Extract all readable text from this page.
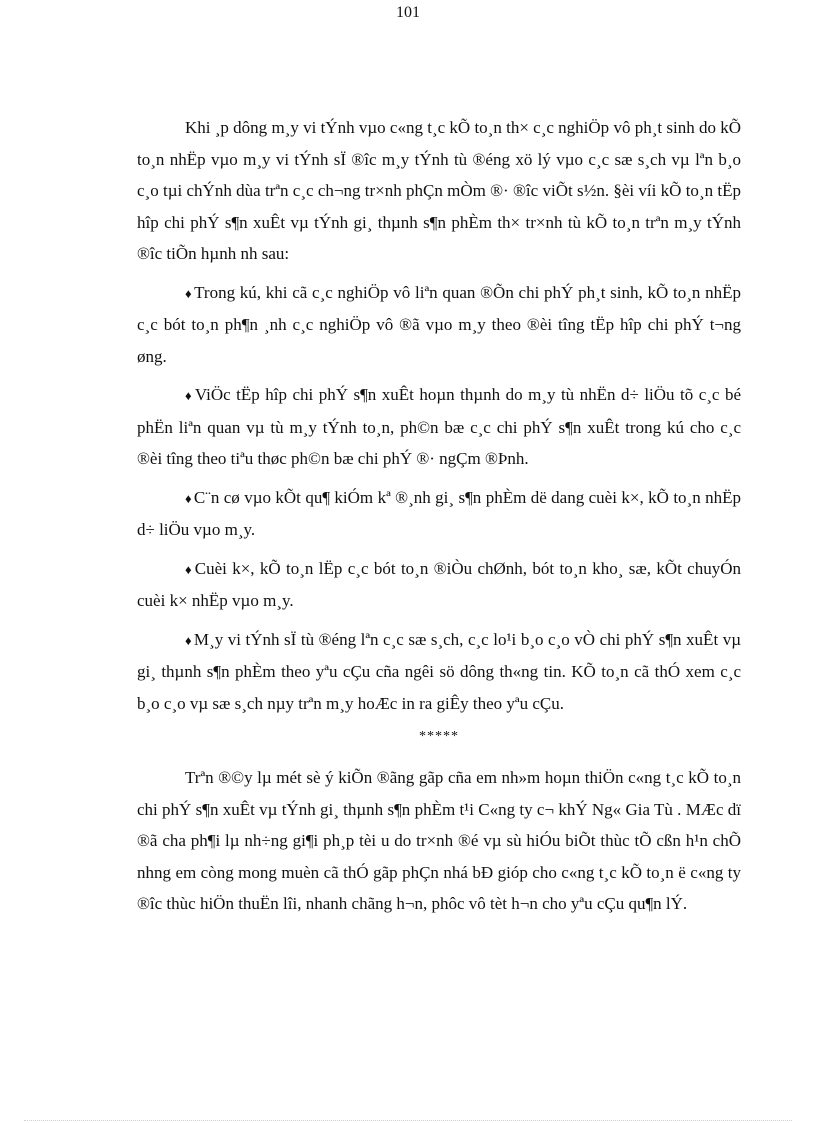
101

Khi ¸p dông m¸y vi tÝnh vµo c«ng t¸c kÕ to¸n th× c¸c nghiÖp vô ph¸t sinh do kÕ to¸n nhËp vµo m¸y vi tÝnh sÏ ®îc m¸y tÝnh tù ®éng xö lý vµo c¸c sæ s¸ch vµ lªn b¸o c¸o tµi chÝnh dùa trªn c¸c ch¬ng tr×nh phÇn mÒm ®· ®îc viÕt s½n. §èi víi kÕ to¸n tËp hîp chi phÝ s¶n xuÊt vµ tÝnh gi¸ thµnh s¶n phÈm th× tr×nh tù kÕ to¸n trªn m¸y tÝnh ®îc tiÕn hµnh nh sau:

♦ Trong kú, khi cã c¸c nghiÖp vô liªn quan ®Õn chi phÝ ph¸t sinh, kÕ to¸n nhËp c¸c bót to¸n ph¶n ¸nh c¸c nghiÖp vô ®ã vµo m¸y theo ®èi tîng tËp hîp chi phÝ t¬ng øng.

♦ ViÖc tËp hîp chi phÝ s¶n xuÊt hoµn thµnh do m¸y tù nhËn d÷ liÖu tõ c¸c bé phËn liªn quan vµ tù m¸y tÝnh to¸n, ph©n bæ c¸c chi phÝ s¶n xuÊt trong kú cho c¸c ®èi tîng theo tiªu thøc ph©n bæ chi phÝ ®· ngÇm ®Þnh.

♦ C¨n cø vµo kÕt qu¶ kiÓm kª ®¸nh gi¸ s¶n phÈm dë dang cuèi k×, kÕ to¸n nhËp d÷ liÖu vµo m¸y.

♦ Cuèi k×, kÕ to¸n lËp c¸c bót to¸n ®iÒu chØnh, bót to¸n kho¸ sæ, kÕt chuyÓn cuèi k× nhËp vµo m¸y.

♦ M¸y vi tÝnh sÏ tù ®éng lªn c¸c sæ s¸ch, c¸c lo¹i b¸o c¸o vÒ chi phÝ s¶n xuÊt vµ gi¸ thµnh s¶n phÈm theo yªu cÇu cña ngêi sö dông th«ng tin. KÕ to¸n cã thÓ xem c¸c b¸o c¸o vµ sæ s¸ch nµy trªn m¸y hoÆc in ra giÊy theo yªu cÇu.

*****

Trªn ®©y lµ mét sè ý kiÕn ®ãng gãp cña em nh»m hoµn thiÖn c«ng t¸c kÕ to¸n chi phÝ s¶n xuÊt vµ tÝnh gi¸ thµnh s¶n phÈm t¹i C«ng ty c¬ khÝ Ng« Gia Tù . MÆc dï ®ã cha ph¶i lµ nh÷ng gi¶i ph¸p tèi u do tr×nh ®é vµ sù hiÓu biÕt thùc tÕ cßn h¹n chÕ nhng em còng mong muèn cã thÓ gãp phÇn nhá bÐ gióp cho c«ng t¸c kÕ to¸n ë c«ng ty ®îc thùc hiÖn thuËn lîi, nhanh chãng h¬n, phôc vô tèt h¬n cho yªu cÇu qu¶n lÝ.
